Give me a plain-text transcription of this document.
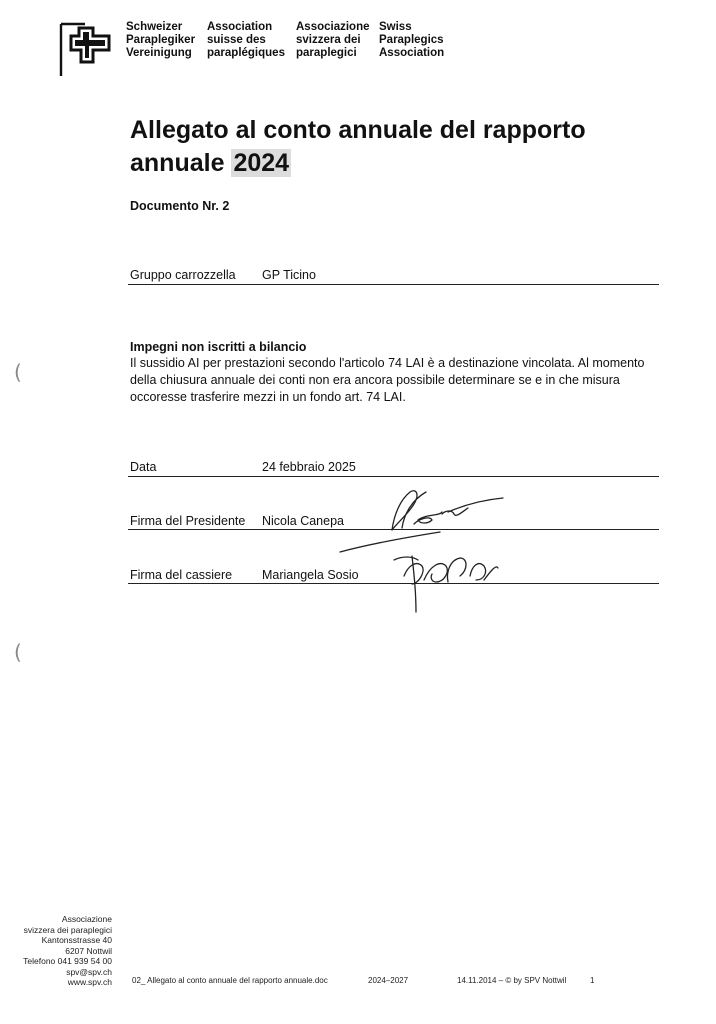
Schweizer
Paraplegiker
Vereinigung
Association
suisse des
paraplégiques
Associazione
svizzera dei
paraplegici
Swiss
Paraplegics
Association
Allegato al conto annuale del rapporto
annuale 2024
Documento Nr. 2
Gruppo carrozzella GP Ticino
Impegni non iscritti a bilancio
Il sussidio AI per prestazioni secondo l'articolo 74 LAI è a destinazione vincolata. Al momento della chiusura annuale dei conti non era ancora possibile determinare se e in che misura occoresse trasferire mezzi in un fondo art. 74 LAI.
Data	24 febbraio 2025
Firma del Presidente Nicola Canepa
Firma del cassiere Mariangela Sosio
(
(
Associazione
svizzera dei paraplegici
Kantonsstrasse 40
6207 Nottwil
Telefono 041 939 54 00
spv@spv.ch
www.spv.ch	02_ Allegato al conto annuale del rapporto annuale.doc	2024–2027	14.11.2014 – © by SPV Nottwil	1
